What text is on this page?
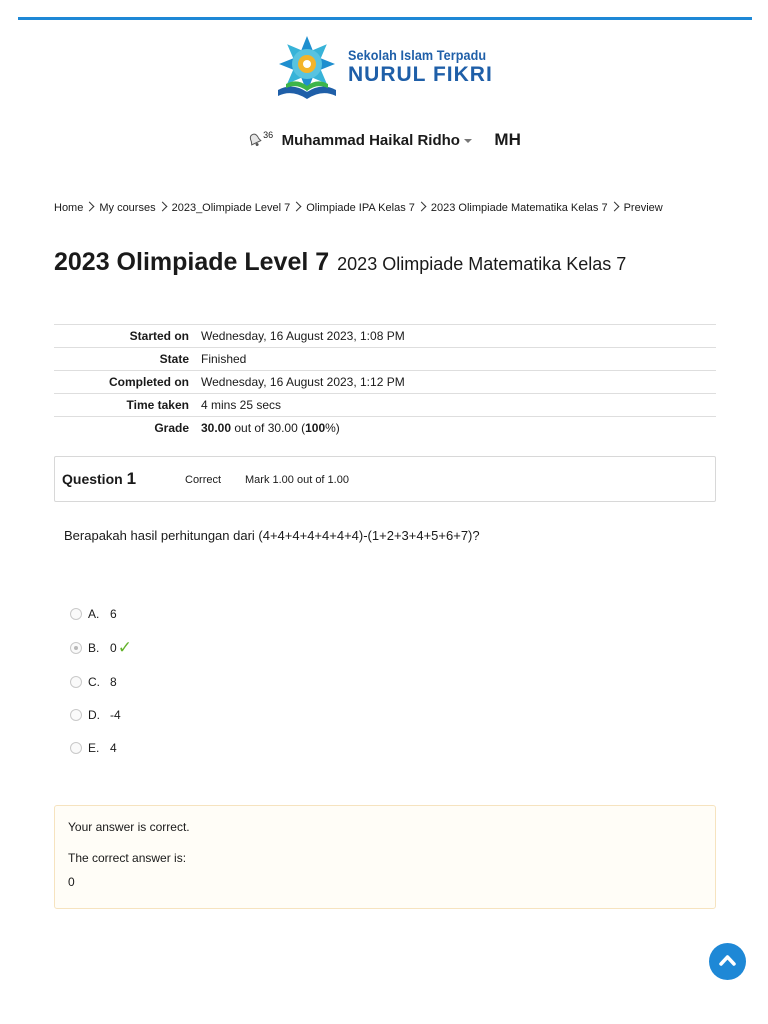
Sekolah Islam Terpadu
NURUL FIKRI
$^{36}$ Muhammad Haikal Ridho MH
Home My courses 2023_Olimpiade Level 7 Olimpiade IPA Kelas 7 2023 Olimpiade Matematika Kelas 7 Preview
2023 Olimpiade Level 7 2023 Olimpiade Matematika Kelas 7
Started on	Wednesday, 16 August 2023, 1:08 PM
State	Finished
Completed on	Wednesday, 16 August 2023, 1:12 PM
Time taken	4 mins 25 secs
Grade	30.00 out of 30.00 (100%)
Question 1	Correct Mark 1.00 out of 1.00
Berapakah hasil perhitungan dari (4+4+4+4+4+4+4)-(1+2+3+4+5+6+7)?
A. 6
B. 0 ✓
C. 8
D. -4
E. 4
Your answer is correct.
The correct answer is:
0
